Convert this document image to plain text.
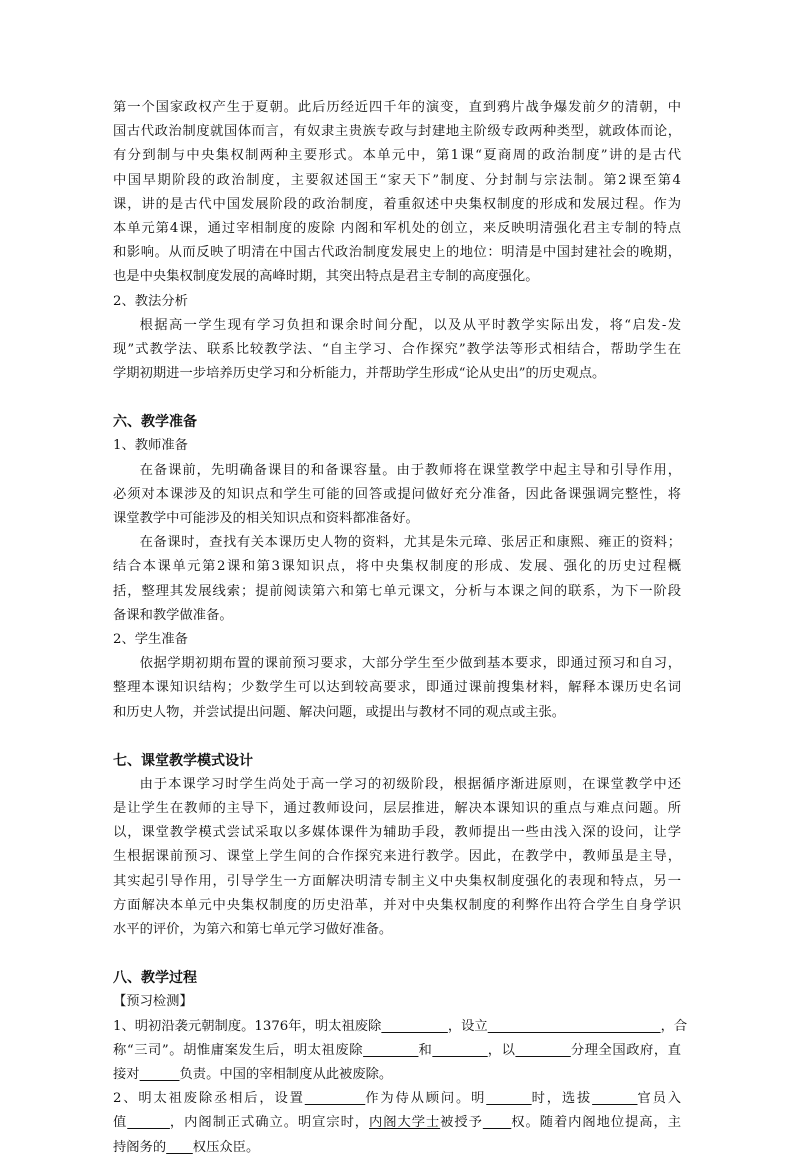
第一个国家政权产生于夏朝。此后历经近四千年的演变，直到鸦片战争爆发前夕的清朝，中
国古代政治制度就国体而言，有奴隶主贵族专政与封建地主阶级专政两种类型，就政体而论，
有分到制与中央集权制两种主要形式。本单元中，第1课“夏商周的政治制度”讲的是古代
中国早期阶段的政治制度，主要叙述国王“家天下”制度、分封制与宗法制。第2课至第4
课，讲的是古代中国发展阶段的政治制度，着重叙述中央集权制度的形成和发展过程。作为
本单元第4课，通过宰相制度的废除 内阁和军机处的创立，来反映明清强化君主专制的特点
和影响。从而反映了明清在中国古代政治制度发展史上的地位：明清是中国封建社会的晚期，
也是中央集权制度发展的高峰时期，其突出特点是君主专制的高度强化。
2、教法分析
根据高一学生现有学习负担和课余时间分配，以及从平时教学实际出发，将“启发-发
现”式教学法、联系比较教学法、“自主学习、合作探究”教学法等形式相结合，帮助学生在
学期初期进一步培养历史学习和分析能力，并帮助学生形成“论从史出”的历史观点。
六、教学准备
1、教师准备
在备课前，先明确备课目的和备课容量。由于教师将在课堂教学中起主导和引导作用，
必须对本课涉及的知识点和学生可能的回答或提问做好充分准备，因此备课强调完整性，将
课堂教学中可能涉及的相关知识点和资料都准备好。
在备课时，查找有关本课历史人物的资料，尤其是朱元璋、张居正和康熙、雍正的资料；
结合本课单元第2课和第3课知识点，将中央集权制度的形成、发展、强化的历史过程概
括，整理其发展线索；提前阅读第六和第七单元课文，分析与本课之间的联系，为下一阶段
备课和教学做准备。
2、学生准备
依据学期初期布置的课前预习要求，大部分学生至少做到基本要求，即通过预习和自习，
整理本课知识结构；少数学生可以达到较高要求，即通过课前搜集材料，解释本课历史名词
和历史人物，并尝试提出问题、解决问题，或提出与教材不同的观点或主张。
七、课堂教学模式设计
由于本课学习时学生尚处于高一学习的初级阶段，根据循序渐进原则，在课堂教学中还
是让学生在教师的主导下，通过教师设问，层层推进，解决本课知识的重点与难点问题。所
以，课堂教学模式尝试采取以多媒体课件为辅助手段，教师提出一些由浅入深的设问，让学
生根据课前预习、课堂上学生间的合作探究来进行教学。因此，在教学中，教师虽是主导，
其实起引导作用，引导学生一方面解决明清专制主义中央集权制度强化的表现和特点，另一
方面解决本单元中央集权制度的历史沿革，并对中央集权制度的利弊作出符合学生自身学识
水平的评价，为第六和第七单元学习做好准备。
八、教学过程
【预习检测】
1、明初沿袭元朝制度。1376年，明太祖废除　　　　　	，设立　　　　　　　　　　　　　	，合
称“三司”。胡惟庸案发生后，明太祖废除　　　　	和　　　　	，以　　　　	分理全国政府，直
接对　　　	负责。中国的宰相制度从此被废除。
2、明太祖废除丞相后，设置　　　　	作为侍从顾问。明　　　	时，选拔　　　	官员入
值　　　	，内阁制正式确立。明宣宗时，内阁大学士被授予　　 权。随着内阁地位提高，主
持阁务的　　 权压众臣。
